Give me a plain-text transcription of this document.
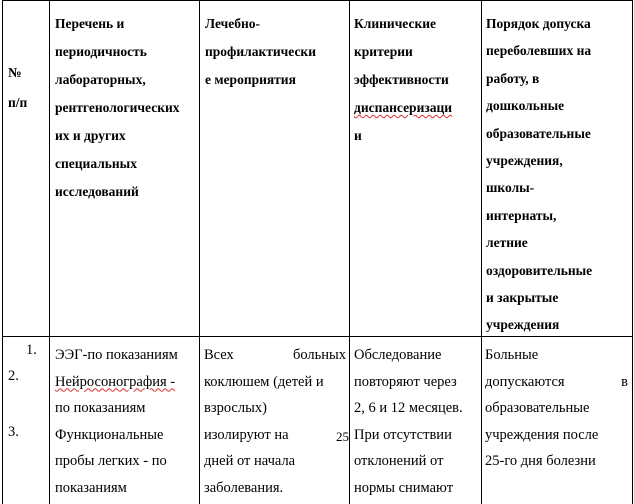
№
п/п
Перечень и
периодичность
лабораторных,
рентгенологических
их и других
специальных
исследований
Лечебно-
профилактически
е мероприятия
Клинические
критерии
эффективности
диспансеризаци
и
Порядок допуска
переболевших на
работу, в
дошкольные
образовательные
учреждения,
школы-
интернаты,
летние
оздоровительные
и закрытые
учреждения
1.
2.
3.
ЭЭГ-по показаниям
Нейросонография -
по показаниям
Функциональные
пробы легких - по
показаниям
Всех	больных
коклюшем (детей и
взрослых)
изолируют на
дней от начала
заболевания.
Обследование
повторяют через
2, 6 и 12 месяцев.
При отсутствии
отклонений от
нормы снимают
Больные
допускаются	в
образовательные
учреждения после
25-го дня болезни
25
